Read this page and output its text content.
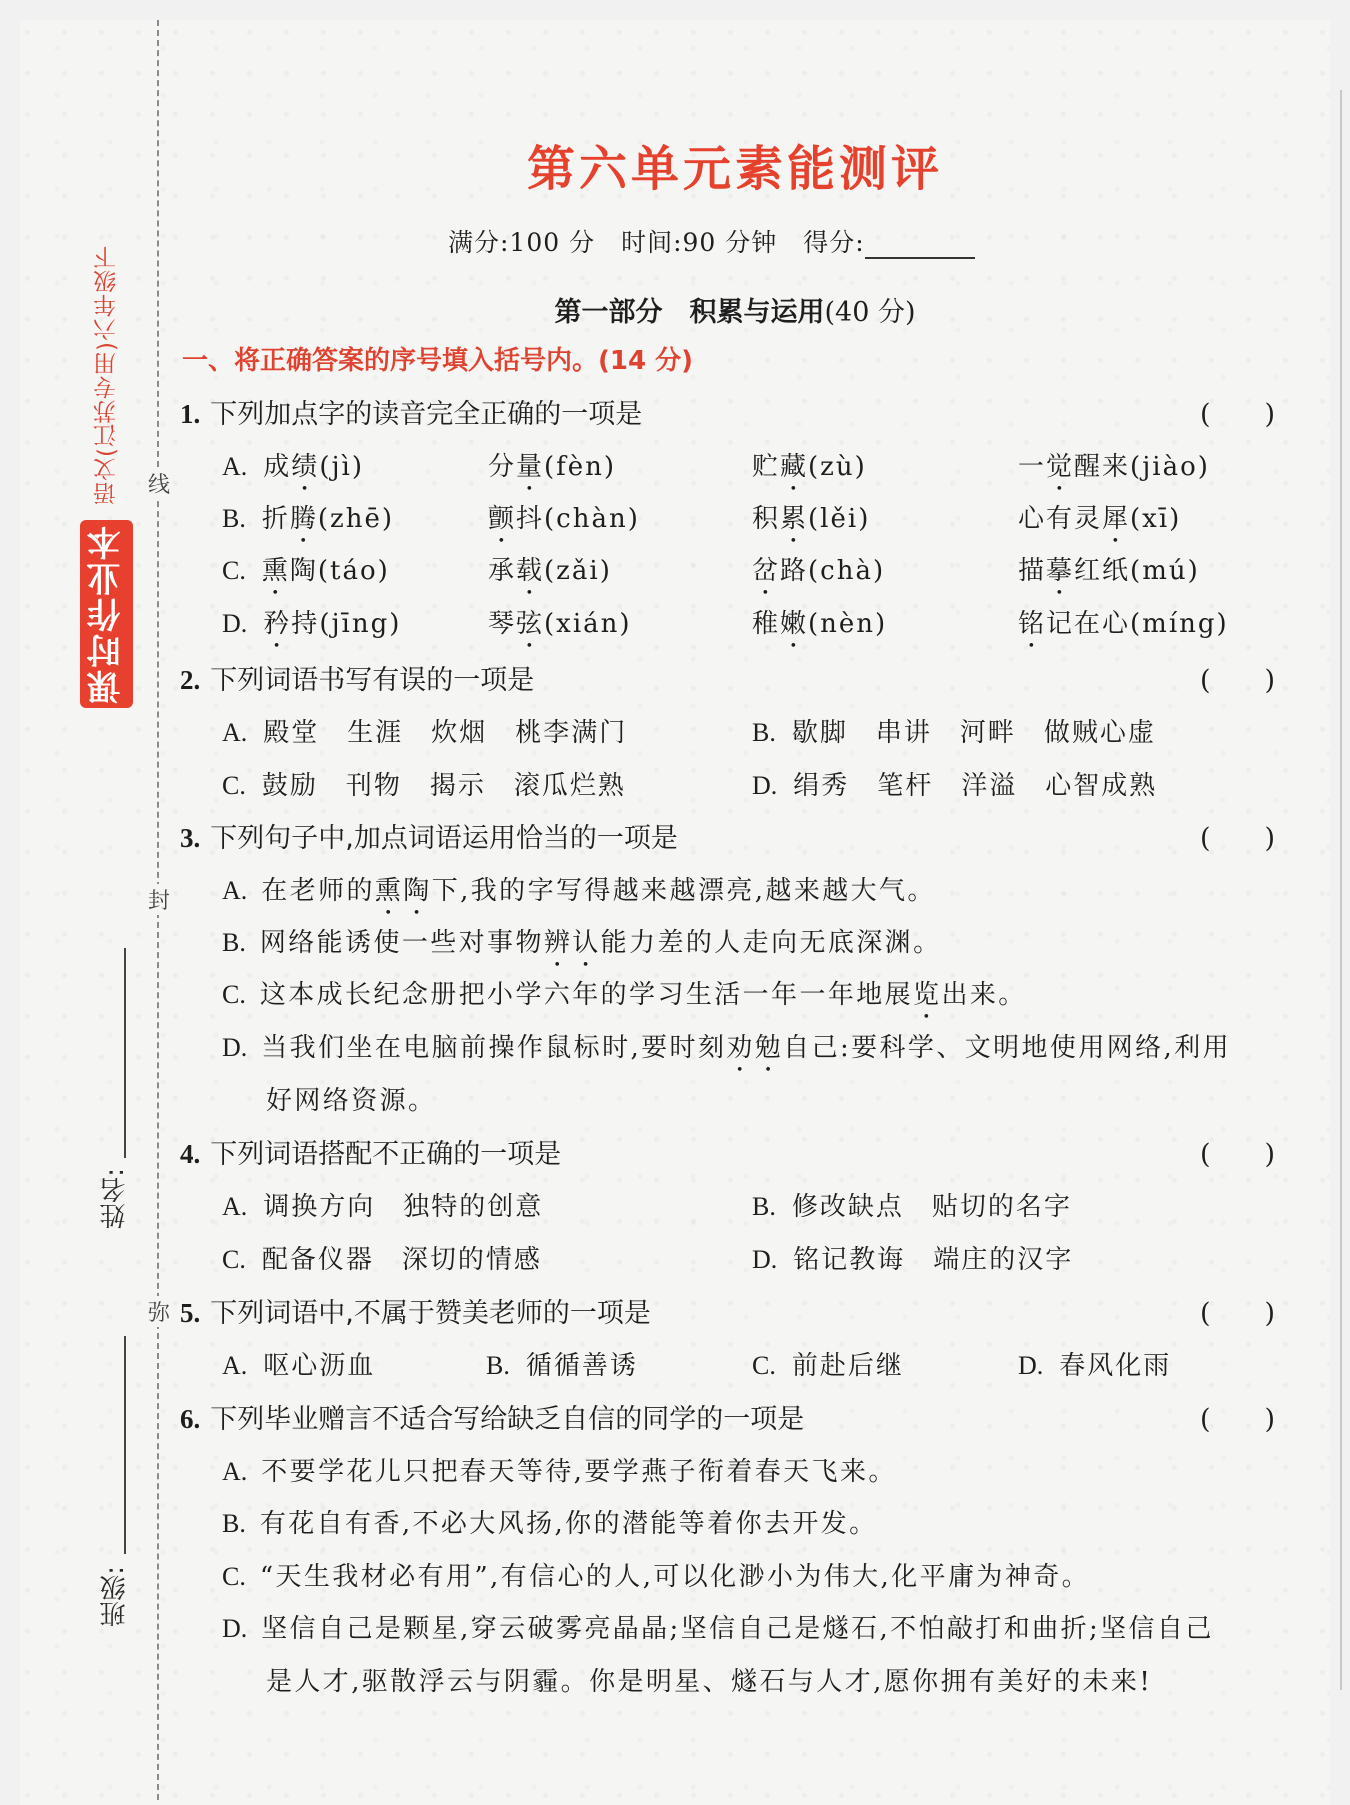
线
封
弥
课时作业本 语文(江苏专用)六年级下
姓名:
班级:
第六单元素能测评
满分:100 分　时间:90 分钟　得分:
第一部分　积累与运用(40 分)
一、将正确答案的序号填入括号内。(14 分)
1. 下列加点字的读音完全正确的一项是	(　　)
A. 成绩(jì)	分量(fèn)	贮藏(zù)	一觉醒来(jiào)
B. 折腾(zhē)	颤抖(chàn)	积累(lěi)	心有灵犀(xī)
C. 熏陶(táo)	承载(zǎi)	岔路(chà)	描摹红纸(mú)
D. 矜持(jīng)	琴弦(xián)	稚嫩(nèn)	铭记在心(míng)
2. 下列词语书写有误的一项是	(　　)
A. 殿堂　生涯　炊烟　桃李满门	B. 歇脚　串讲　河畔　做贼心虚
C. 鼓励　刊物　揭示　滚瓜烂熟	D. 绢秀　笔杆　洋溢　心智成熟
3. 下列句子中,加点词语运用恰当的一项是	(　　)
A. 在老师的熏陶下,我的字写得越来越漂亮,越来越大气。
B. 网络能诱使一些对事物辨认能力差的人走向无底深渊。
C. 这本成长纪念册把小学六年的学习生活一年一年地展览出来。
D. 当我们坐在电脑前操作鼠标时,要时刻劝勉自己:要科学、文明地使用网络,利用
好网络资源。
4. 下列词语搭配不正确的一项是	(　　)
A. 调换方向　独特的创意	B. 修改缺点　贴切的名字
C. 配备仪器　深切的情感	D. 铭记教诲　端庄的汉字
5. 下列词语中,不属于赞美老师的一项是	(　　)
A. 呕心沥血	B. 循循善诱	C. 前赴后继	D. 春风化雨
6. 下列毕业赠言不适合写给缺乏自信的同学的一项是	(　　)
A. 不要学花儿只把春天等待,要学燕子衔着春天飞来。
B. 有花自有香,不必大风扬,你的潜能等着你去开发。
C. “天生我材必有用”,有信心的人,可以化渺小为伟大,化平庸为神奇。
D. 坚信自己是颗星,穿云破雾亮晶晶;坚信自己是燧石,不怕敲打和曲折;坚信自己
是人才,驱散浮云与阴霾。你是明星、燧石与人才,愿你拥有美好的未来!
